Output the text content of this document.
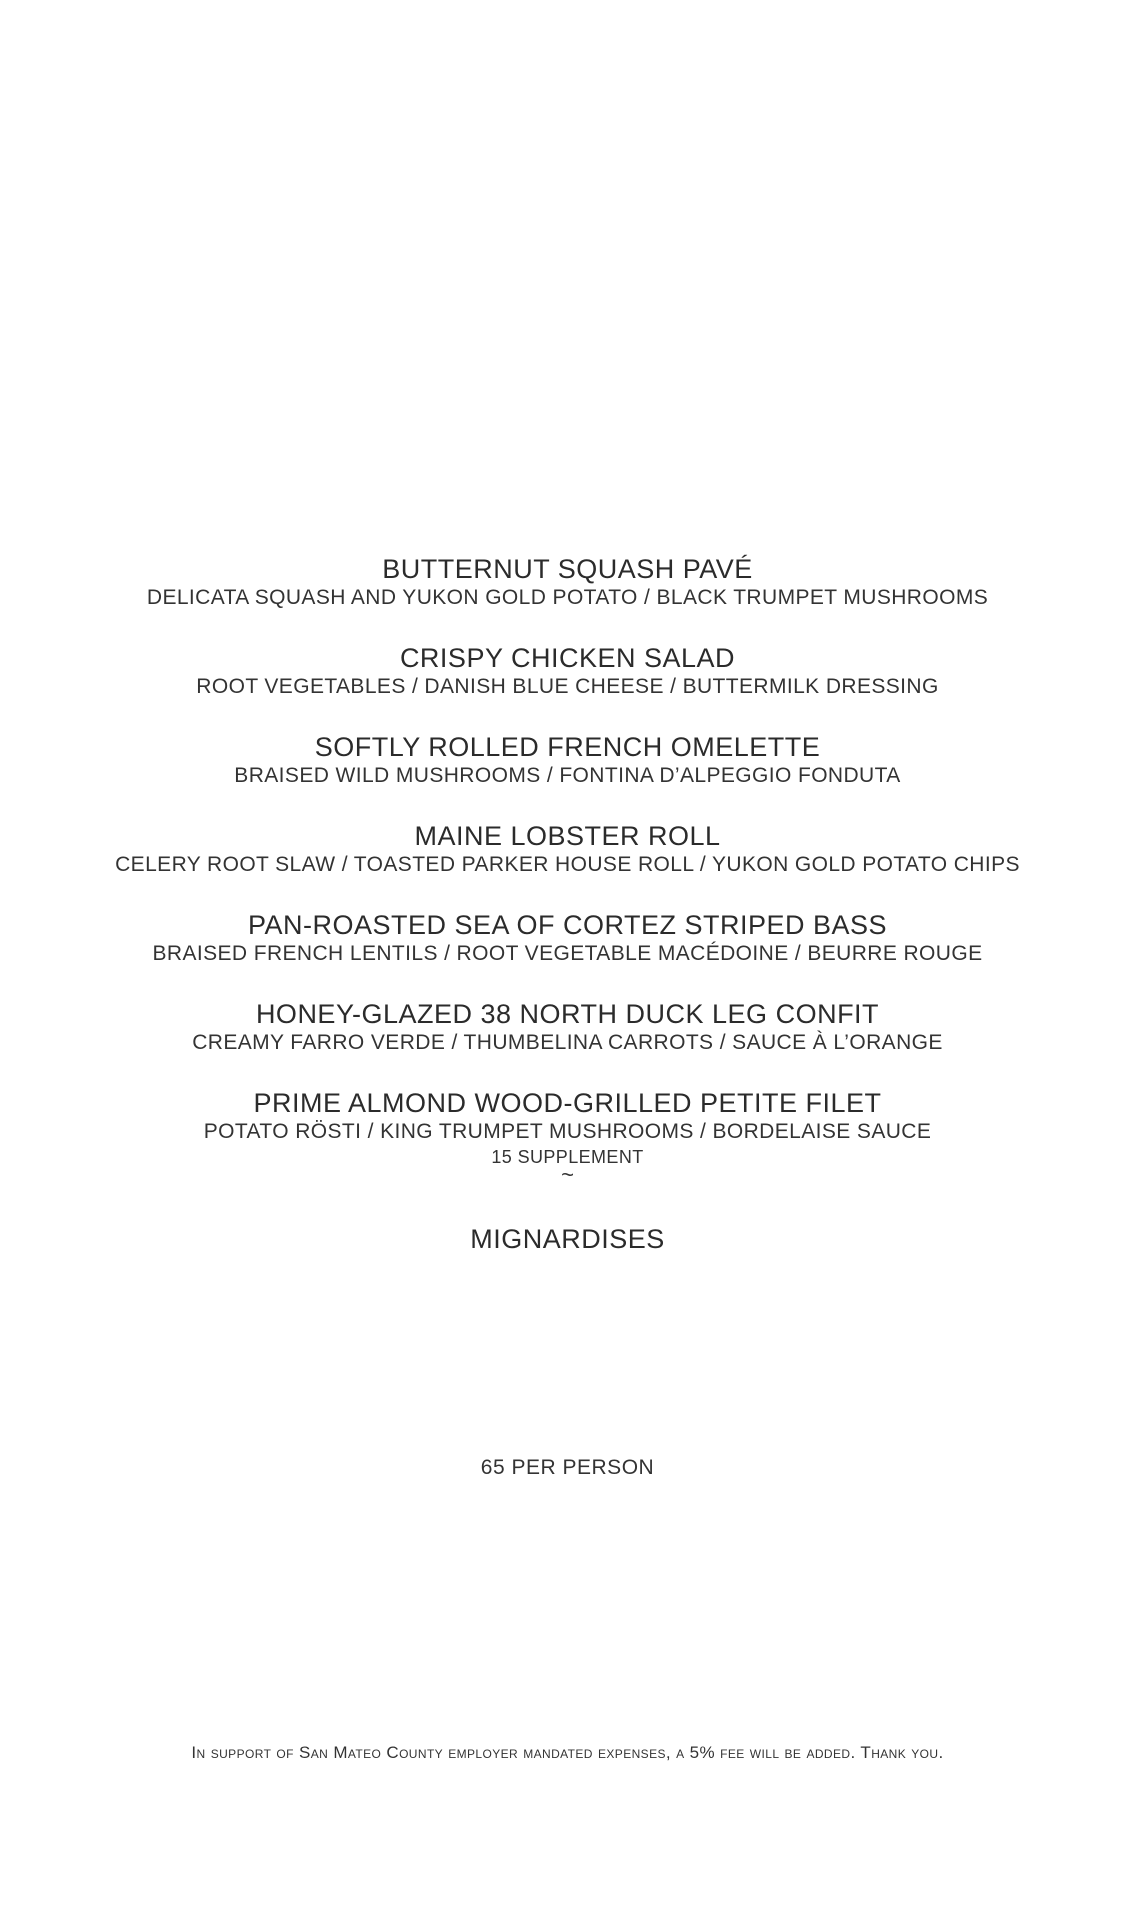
BUTTERNUT SQUASH PAVÉ
DELICATA SQUASH AND YUKON GOLD POTATO / BLACK TRUMPET MUSHROOMS
CRISPY CHICKEN SALAD
ROOT VEGETABLES / DANISH BLUE CHEESE / BUTTERMILK DRESSING
SOFTLY ROLLED FRENCH OMELETTE
BRAISED WILD MUSHROOMS / FONTINA D’ALPEGGIO FONDUTA
MAINE LOBSTER ROLL
CELERY ROOT SLAW / TOASTED PARKER HOUSE ROLL / YUKON GOLD POTATO CHIPS
PAN-ROASTED SEA OF CORTEZ STRIPED BASS
BRAISED FRENCH LENTILS / ROOT VEGETABLE MACÉDOINE / BEURRE ROUGE
HONEY-GLAZED 38 NORTH DUCK LEG CONFIT
CREAMY FARRO VERDE / THUMBELINA CARROTS / SAUCE À L’ORANGE
PRIME ALMOND WOOD-GRILLED PETITE FILET
POTATO RÖSTI / KING TRUMPET MUSHROOMS / BORDELAISE SAUCE
15 SUPPLEMENT
~
MIGNARDISES
65 PER PERSON
In support of San Mateo County employer mandated expenses, a 5% fee will be added. Thank you.
